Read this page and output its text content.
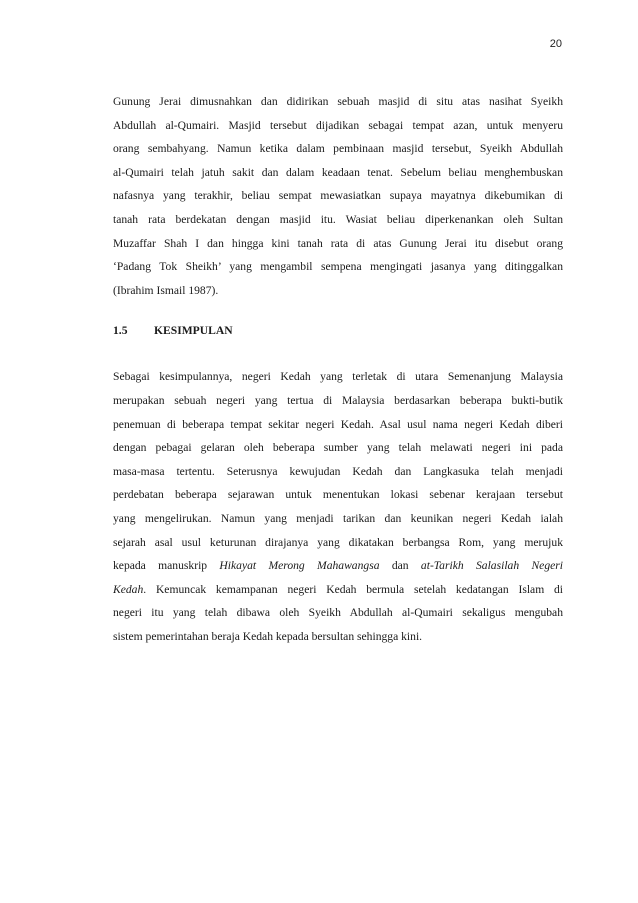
20
Gunung Jerai dimusnahkan dan didirikan sebuah masjid di situ atas nasihat Syeikh
Abdullah al-Qumairi. Masjid tersebut dijadikan sebagai tempat azan, untuk menyeru
orang sembahyang. Namun ketika dalam pembinaan masjid tersebut, Syeikh Abdullah
al-Qumairi telah jatuh sakit dan dalam keadaan tenat. Sebelum beliau menghembuskan
nafasnya yang terakhir, beliau sempat mewasiatkan supaya mayatnya dikebumikan di
tanah rata berdekatan dengan masjid itu. Wasiat beliau diperkenankan oleh Sultan
Muzaffar Shah I dan hingga kini tanah rata di atas Gunung Jerai itu disebut orang
‘Padang Tok Sheikh’ yang mengambil sempena mengingati jasanya yang ditinggalkan
(Ibrahim Ismail 1987).
1.5 KESIMPULAN
Sebagai kesimpulannya, negeri Kedah yang terletak di utara Semenanjung Malaysia
merupakan sebuah negeri yang tertua di Malaysia berdasarkan beberapa bukti-butik
penemuan di beberapa tempat sekitar negeri Kedah. Asal usul nama negeri Kedah diberi
dengan pebagai gelaran oleh beberapa sumber yang telah melawati negeri ini pada
masa-masa tertentu. Seterusnya kewujudan Kedah dan Langkasuka telah menjadi
perdebatan beberapa sejarawan untuk menentukan lokasi sebenar kerajaan tersebut
yang mengelirukan. Namun yang menjadi tarikan dan keunikan negeri Kedah ialah
sejarah asal usul keturunan dirajanya yang dikatakan berbangsa Rom, yang merujuk
kepada manuskrip Hikayat Merong Mahawangsa dan at-Tarikh Salasilah Negeri
Kedah. Kemuncak kemampanan negeri Kedah bermula setelah kedatangan Islam di
negeri itu yang telah dibawa oleh Syeikh Abdullah al-Qumairi sekaligus mengubah
sistem pemerintahan beraja Kedah kepada bersultan sehingga kini.
